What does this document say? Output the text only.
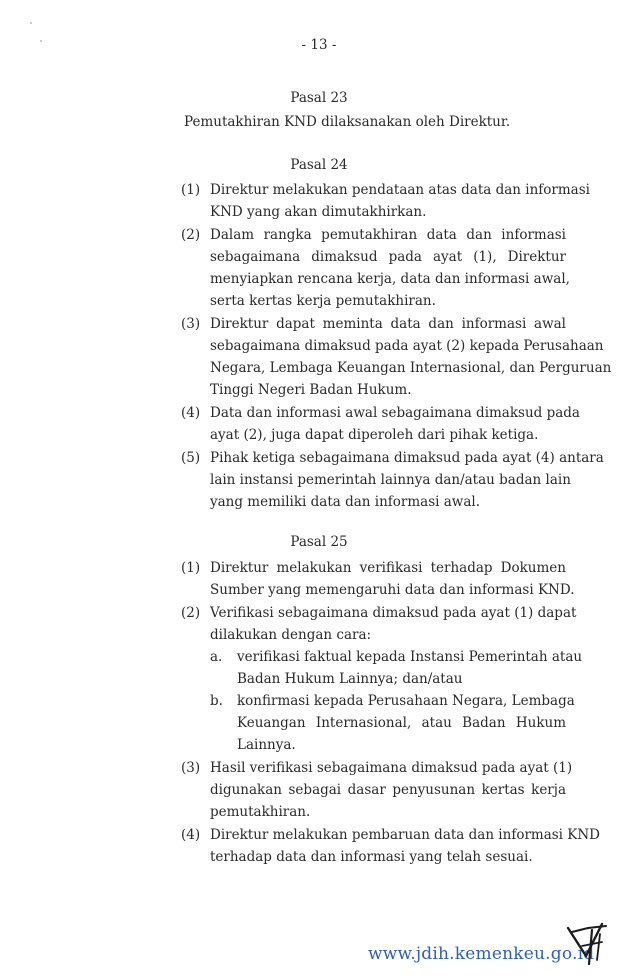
- 13 -
Pasal 23
Pemutakhiran KND dilaksanakan oleh Direktur.
Pasal 24
(1) Direktur melakukan pendataan atas data dan informasi
KND yang akan dimutakhirkan.
(2) Dalam rangka pemutakhiran data dan informasi
sebagaimana dimaksud pada ayat (1), Direktur
menyiapkan rencana kerja, data dan informasi awal,
serta kertas kerja pemutakhiran.
(3) Direktur dapat meminta data dan informasi awal
sebagaimana dimaksud pada ayat (2) kepada Perusahaan
Negara, Lembaga Keuangan Internasional, dan Perguruan
Tinggi Negeri Badan Hukum.
(4) Data dan informasi awal sebagaimana dimaksud pada
ayat (2), juga dapat diperoleh dari pihak ketiga.
(5) Pihak ketiga sebagaimana dimaksud pada ayat (4) antara
lain instansi pemerintah lainnya dan/atau badan lain
yang memiliki data dan informasi awal.
Pasal 25
(1) Direktur melakukan verifikasi terhadap Dokumen
Sumber yang memengaruhi data dan informasi KND.
(2) Verifikasi sebagaimana dimaksud pada ayat (1) dapat
dilakukan dengan cara:
a. verifikasi faktual kepada Instansi Pemerintah atau
Badan Hukum Lainnya; dan/atau
b. konfirmasi kepada Perusahaan Negara, Lembaga
Keuangan Internasional, atau Badan Hukum
Lainnya.
(3) Hasil verifikasi sebagaimana dimaksud pada ayat (1)
digunakan sebagai dasar penyusunan kertas kerja
pemutakhiran.
(4) Direktur melakukan pembaruan data dan informasi KND
terhadap data dan informasi yang telah sesuai.
www.jdih.kemenkeu.go.id
